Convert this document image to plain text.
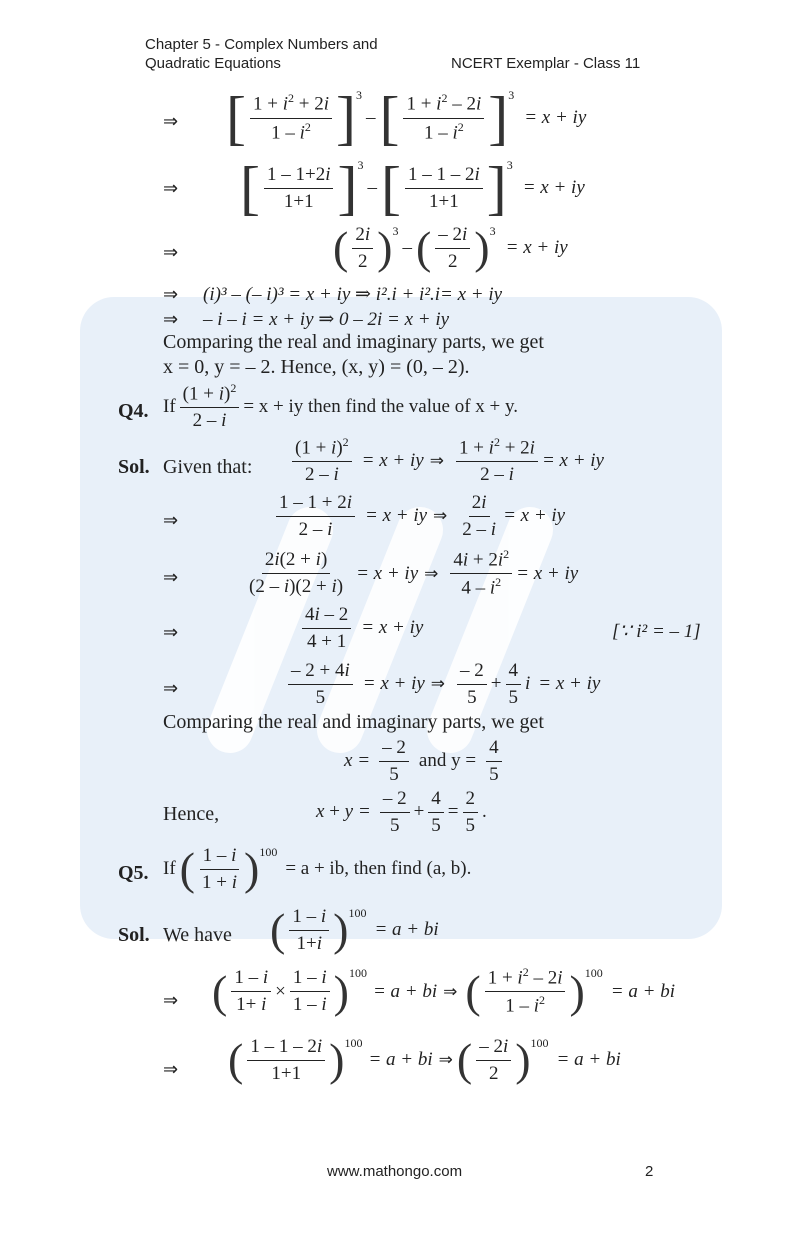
Chapter 5 - Complex Numbers and
Quadratic Equations	NCERT Exemplar - Class 11
⇒ [ $\frac{1 + i^2 + 2i}{1 - i^2} ]^3$
– [ $\frac{1 + i^2 - 2i}{1 - i^2} ]^3$
= x + iy
⇒ [ $\frac{1 - 1+2i}{1+1} ]^3$
– [ $\frac{1 - 1 - 2i}{1+1} ]^3$
= x + iy
⇒	( $\frac{2i}{2} )^3$
– ( $\frac{- 2i}{2} )^3$
= x + iy
⇒ (i)³ – (– i)³ = x + iy ⇒ i².i + i².i= x + iy
⇒ – i – i = x + iy ⇒ 0 – 2i = x + iy
Comparing the real and imaginary parts, we get
x = 0, y = – 2. Hence, (x, y) = (0, – 2).
Q4. If $\frac{(1 + i)^2}{2 - i} = x$ + iy then find the value of x + y.
Sol. Given that: $\frac{(1 + i)^2}{2 - i} = x$ + iy ⇒ $\frac{1 + i^2 + 2i}{2 - i} = x$ + iy
⇒	$\frac{1 - 1 + 2i}{2 - i} = x$ + iy ⇒ $\frac{2i}{2 - i} = x$ + iy
⇒	$\frac{2i(2 + i)}{(2 - i)(2 + i)} = x$ + iy ⇒ $\frac{4i + 2i^2}{4 - i^2} = x$ + iy
⇒	$\frac{4i - 2}{4 + 1} = x$ + iy	[∵ i² = – 1]
⇒	$\frac{- 2 + 4i}{5} = x$ + iy ⇒ $\frac{- 2}{5} + \frac{4}{5}$ i = x + iy
Comparing the real and imaginary parts, we get
$x = \frac{- 2}{5}$ and $y = \frac{4}{5}$
Hence,	$x + y = \frac{- 2}{5} + \frac{4}{5} = \frac{2}{5}$ .
Q5. If ( $\frac{1 - i}{1 + i} )^{100}$
= a + ib, then find (a, b).
Sol. We have ( $\frac{1 - i}{1+i} )^{100}$
= a + bi
⇒ ( $\frac{1 - i}{1+ i} \times \frac{1 - i}{1 - i} )^{100}$
= a + bi ⇒ ( $\frac{1 + i^2 - 2i}{1 - i^2} )^{100}$
= a + bi
⇒ ( $\frac{1 - 1 - 2i}{1+1} )^{100}$
= a + bi ⇒ ( $\frac{- 2i}{2} )^{100}$
= a + bi
www.mathongo.com	2
